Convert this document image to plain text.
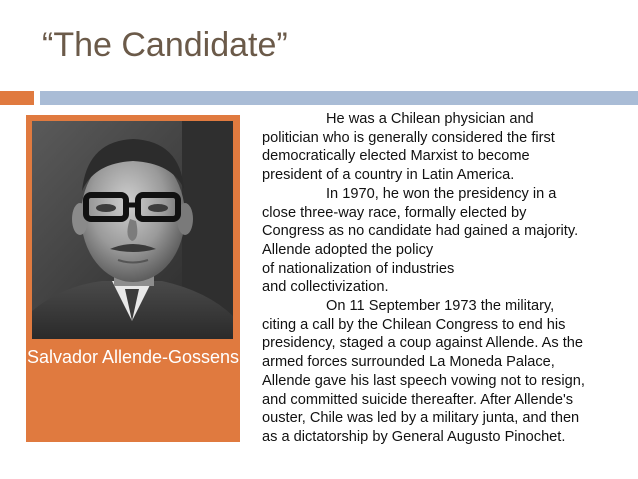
“The Candidate”

Salvador Allende-Gossens

He was a Chilean physician and politician who is generally considered the first democratically elected Marxist to become president of a country in Latin America.

In 1970, he won the presidency in a close three-way race, formally elected by Congress as no candidate had gained a majority.

Allende adopted the policy

of nationalization of industries

and collectivization.

On 11 September 1973 the military, citing a call by the Chilean Congress to end his presidency, staged a coup against Allende. As the armed forces surrounded La Moneda Palace, Allende gave his last speech vowing not to resign, and committed suicide thereafter. After Allende's ouster, Chile was led by a military junta, and then as a dictatorship by General Augusto Pinochet.
